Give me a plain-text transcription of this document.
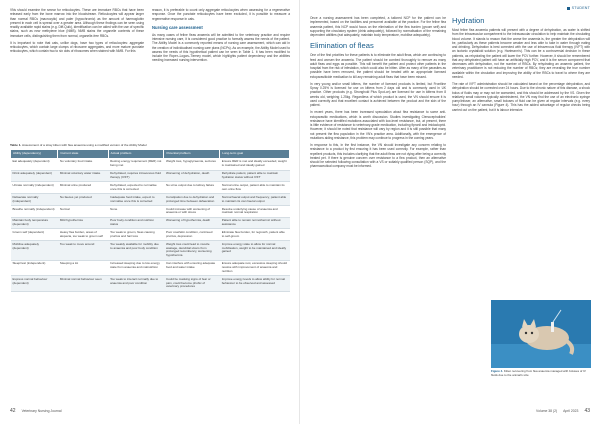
VNs should examine the smear for reticulocytes. These are immature RBCs that have been released early from the bone marrow into the bloodstream. Reticulocytes will appear larger than normal RBCs (macrocytic) and paler (hypochromic) as the amount of haemoglobin present in each cell is spread over a greater area. Although these findings can be seen using readily available rapid stains (e.g. Diff-Quik), identification can be aided with the use of specific stains, such as new methylene blue (NMB). NMB stains the organelle contents of these immature cells, distinguishing them from normal, organelle-free RBCs.

It is important to note that cats, unlike dogs, have two types of reticulocytes: aggregate reticulocytes, which contain large clumps of ribosome aggregates, and more mature punctate reticulocytes, which contain two to six dots of ribosomes when stained with NMB. For this

reason, it is preferable to count only aggregate reticulocytes when assessing for a regenerative response. Once the punctate reticulocytes have been excluded, it is possible to measure a regenerative response in cats.

Nursing care assessment

As many cases of feline fleas anaemia will be admitted to the veterinary practice and require intensive nursing care, it is considered good practice to formally assess the needs of the patient. The Ability Model is a commonly reported means of nursing care assessment, which can aid in the creation of individualised nursing care plans (NCPs). As an example, the Ability Model used to assess the needs of this hypothetical patient can be seen in Table 1. It has been modified to include the Roper–Logan–Tierney model, which highlights patient dependency and the abilities needing increased nursing intervention.

Table 1. Assessment of a stray kitten with flea anaemia using a modified version of the Ability Model
Ability (dependency)	Current state	Actual problem	Potential problem	Long-term goal
Eat adequately (dependent)	No voluntary food intake	Resting energy requirement (RER) not being met	Weight loss, hypoglycaemia, seizures	Ensure RER is met and ideally exceeded, weight is maintained and ideally gained
Drink adequately (dependent)	Minimal voluntary water intake	Dehydrated, requires intravenous fluid therapy (IVFT)	Worsening of dehydration, death	Rehydrate patient, patient able to maintain hydration status without IVFT
Urinate normally (independent)	Minimal urine produced	Dehydrated, expected to normalise once this is corrected	No urine output due to kidney failure	Normal urine output, patient able to maintain its own urine flow
Defaecate normally (independent)	No faeces yet produced	Inadequate food intake, expect to normalise once this is corrected	Constipation due to dehydration and prolonged time between defaecation	Normal faecal output and frequency, patient able to maintain its own faecal output
Breathe normally (independent)	Normal	None	Could increase with worsening of anaemia or with stress	Resolve underlying cause of anaemia and maintain normal respiration
Maintain body temperature (dependent)	Mild hypothermia	Poor body condition and nutrition status	Worsening of hypothermia, death	Patient able to remain normothermic without assistance
Groom self (dependent)	Heavy flea burden, areas of alopecia, too weak to groom self	Too weak to groom, fleas causing pruritus and hair loss	Poor coat/skin condition, continued pruritus, depression	Eliminate flea burden, for regrowth, patient able to self-groom
Mobilise adequately (dependent)	Too weak to move around	Too weakly available for mobility due to anaemia and poor body condition	Weight loss could lead to muscle wastage, decubital ulcers from prolonged recumbency, worsening hypothermia	Improve energy state to allow for normal mobilisation, weight to be maintained and ideally gained
Sleep/rest (independent)	Sleeping a lot	Increased sleeping due to low energy state from anaemia and malnutrition	Can interfere with ensuring adequate food and water intake	Ensure adequate rest, excessive sleeping should resolve with improvement of anaemia and nutrition
Express normal behaviour (dependent)	Minimal normal behaviour seen	Too weak to interact normally due to anaemia and poor condition	Could be masking signs of fear or pain, could become phobic of veterinary procedures	Improve energy levels to allow ability for normal behaviour to be observed and assessed
42 Veterinary Nursing Journal
STUDENT

Once a nursing assessment has been completed, a tailored NCP for the patient can be implemented, based on the facilities and personnel available at the practice. For the feline flea anaemia patient, this NCP would focus on the elimination of the flea burden (groom self) and supporting the circulatory system (drink adequately), followed by normalisation of the remaining dependent abilities (eat adequately, maintain body temperature, mobilise adequately).

Elimination of fleas

One of the first priorities for these patients is to eliminate the adult fleas, which are continuing to feed and worsen the anaemia. The patient should be combed thoroughly to remove as many adult fleas and eggs as possible. This will benefit the patient and protect other patients in the hospital from the risk of infestation, which could also be bitten. After as many of the parasites as possible have been removed, the patient should be treated with an appropriate licensed ectoparasiticide medication to kill any remaining adult fleas that have been missed.

In very young and/or small kittens, the number of licensed products is limited, but Frontline Spray 0.25% is licensed for use on kittens from 2 days old and is commonly used in UK practice. Other products (e.g. Stronghold Plus Spot-on) are licensed for use in kittens from 8 weeks old, weighing 1.25kg. Regardless of which product is used, the VN should ensure it is used correctly and that excellent contact is achieved between the product and the skin of the patient.

In recent years, there has been increased speculation about flea resistance to some anti-ectoparasitic medications, which is worth discussion. Studies investigating Ctenocephalides' resistance have identified mutations associated with low-level resistance, but, at present, there is little evidence of resistance to veterinary-grade medication, including fipronil and imidacloprid. However, it should be noted that resistance will vary by region and it is still possible that many not present the flea population in the VN's practice area. Additionally, with the emergence of mutations aiding resistance, this problem may continue to progress in the coming years.

In response to this, in the first instance, the VN should investigate any concern relating to resistance to a product by first ensuring it has been used correctly. For example, rather than repellent products, this includes clarifying that the adult fleas are not dying after being a correctly treated pet. If there is genuine concern over resistance to a flea product, then an alternative should be selected following consultation with a VS or suitably qualified person (SQP), and the pharmaceutical company must be informed.

Hydration

Most feline flea anaemia patients will present with a degree of dehydration, as water is shifted from the intravascular compartment to the intravascular circulation to help maintain the circulating blood volume. It stands to reason that the worse the anaemia is, the greater the dehydration will be, particularly as these patients become weaker and less able to take in water through eating and drinking. Dehydration is best corrected with the use of intravenous fluid therapy (IVFT) with an isotonic crystalloid solution (e.g. Hartmann's). This can be a controversial decision in these patients, as rehydrating the patient will lower the PCV further. However, it should be remembered that any dehydrated patient will have an artificially high PCV, and it is the serum component that decreases with dehydration, not the number of RBCs. By rehydrating an anaemic patient, the veterinary practitioner is not reducing the number of RBCs; they are revealing the true number available within the circulation and improving the ability of the RBCs to travel to where they are needed.

The rate of IVFT administration should be calculated based on the percentage dehydration, and dehydration should be corrected over 24 hours. Due to the chronic nature of this disease, a shock bolus of fluids may or may not be warranted, and this should be addressed by the VS. Given the relatively small volumes typically administered, the VN may find the use of an electronic syringe pump/infuser, an alternative, small boluses of fluid can be given at regular intervals (e.g. every hour) through an IV cannula (Figure 4). This has the added advantage of regular checks being carried out on the patient, but it is labour intensive.

Volume 38 (2) April 2023 43
Figure 4. Kitten recovering from flea anaemia managed with boluses of IV fluids due to the animal's size
